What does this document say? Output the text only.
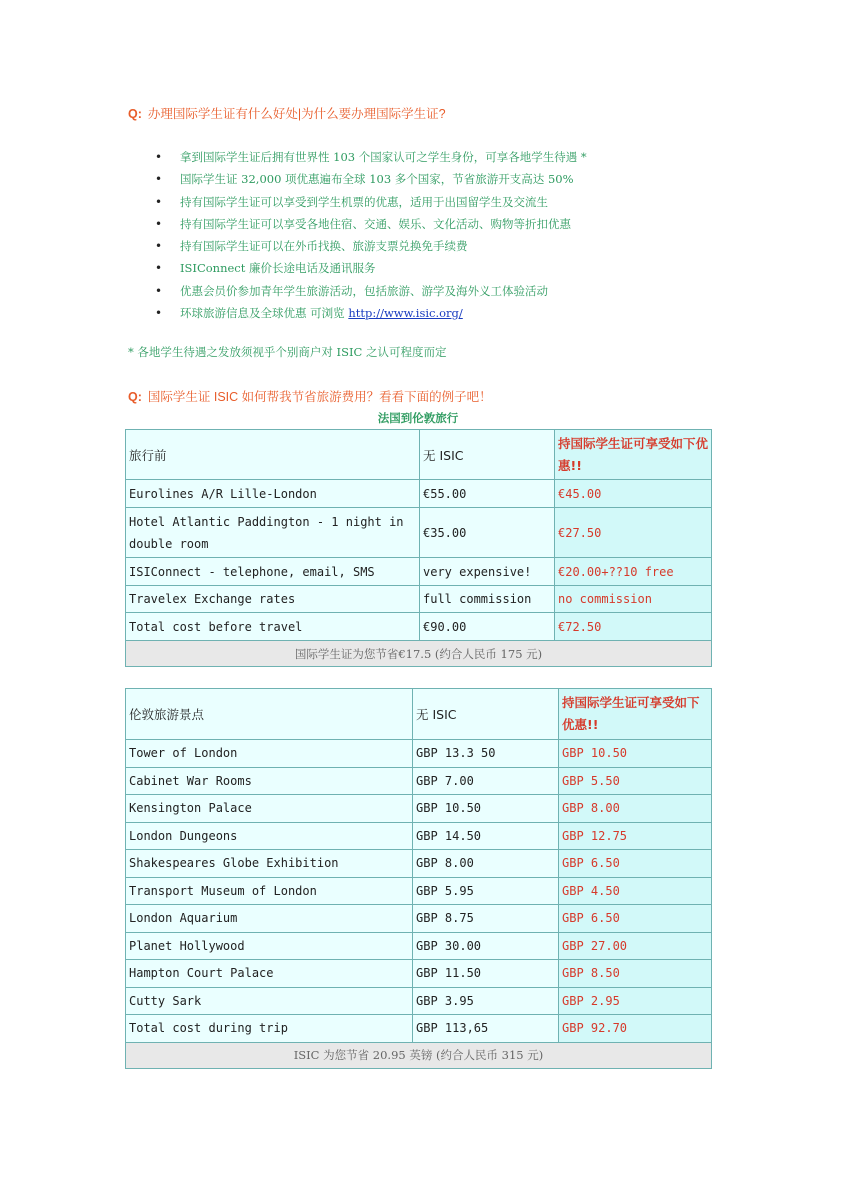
Q: 办理国际学生证有什么好处|为什么要办理国际学生证?
• 拿到国际学生证后拥有世界性 103 个国家认可之学生身份，可享各地学生待遇 *
• 国际学生证 32,000 项优惠遍布全球 103 多个国家，节省旅游开支高达 50%
• 持有国际学生证可以享受到学生机票的优惠，适用于出国留学生及交流生
• 持有国际学生证可以享受各地住宿、交通、娱乐、文化活动、购物等折扣优惠
• 持有国际学生证可以在外币找换、旅游支票兑换免手续费
• ISIConnect 廉价长途电话及通讯服务
• 优惠会员价参加青年学生旅游活动，包括旅游、游学及海外义工体验活动
• 环球旅游信息及全球优惠 可浏览 http://www.isic.org/
* 各地学生待遇之发放须视乎个别商户对 ISIC 之认可程度而定
Q: 国际学生证 ISIC 如何帮我节省旅游费用？看看下面的例子吧！
法国到伦敦旅行
旅行前	无 ISIC	持国际学生证可享受如下优惠!!
Eurolines A/R Lille-London	€55.00	€45.00
Hotel Atlantic Paddington - 1 night in double room	€35.00	€27.50
ISIConnect - telephone, email, SMS	very expensive!	€20.00+??10 free
Travelex Exchange rates	full commission	no commission
Total cost before travel	€90.00	€72.50
国际学生证为您节省€17.5 (约合人民币 175 元)		
伦敦旅游景点	无 ISIC	持国际学生证可享受如下优惠!!
Tower of London	GBP 13.3 50	GBP 10.50
Cabinet War Rooms	GBP 7.00	GBP 5.50
Kensington Palace	GBP 10.50	GBP 8.00
London Dungeons	GBP 14.50	GBP 12.75
Shakespeares Globe Exhibition	GBP 8.00	GBP 6.50
Transport Museum of London	GBP 5.95	GBP 4.50
London Aquarium	GBP 8.75	GBP 6.50
Planet Hollywood	GBP 30.00	GBP 27.00
Hampton Court Palace	GBP 11.50	GBP 8.50
Cutty Sark	GBP 3.95	GBP 2.95
Total cost during trip	GBP 113,65	GBP 92.70
ISIC 为您节省 20.95 英镑 (约合人民币 315 元)		
